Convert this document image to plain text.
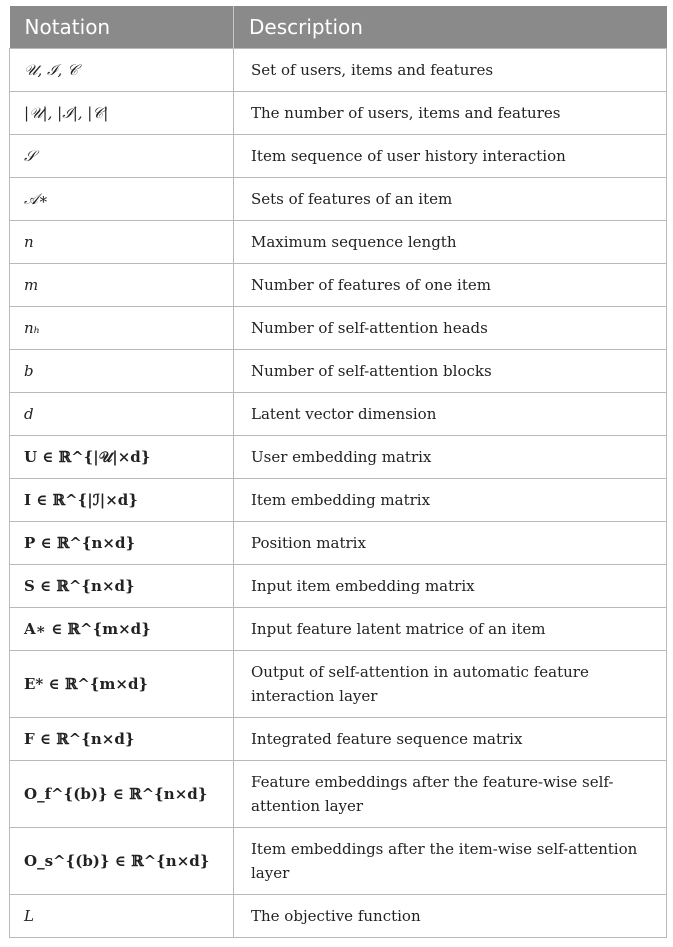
Notation	Description
𝒰, ℐ, 𝒞	Set of users, items and features
|𝒰|, |ℐ|, |𝒞|	The number of users, items and features
𝒮	Item sequence of user history interaction
𝒜∗	Sets of features of an item
n	Maximum sequence length
m	Number of features of one item
nₕ	Number of self-attention heads
b	Number of self-attention blocks
d	Latent vector dimension
U ∈ ℝ^{|𝒰|×d}	User embedding matrix
I ∈ ℝ^{|ℐ|×d}	Item embedding matrix
P ∈ ℝ^{n×d}	Position matrix
S ∈ ℝ^{n×d}	Input item embedding matrix
A∗ ∈ ℝ^{m×d}	Input feature latent matrice of an item
E* ∈ ℝ^{m×d}	Output of self-attention in automatic feature interaction layer
F ∈ ℝ^{n×d}	Integrated feature sequence matrix
O_f^{(b)} ∈ ℝ^{n×d}	Feature embeddings after the feature-wise self-attention layer
O_s^{(b)} ∈ ℝ^{n×d}	Item embeddings after the item-wise self-attention layer
L	The objective function
